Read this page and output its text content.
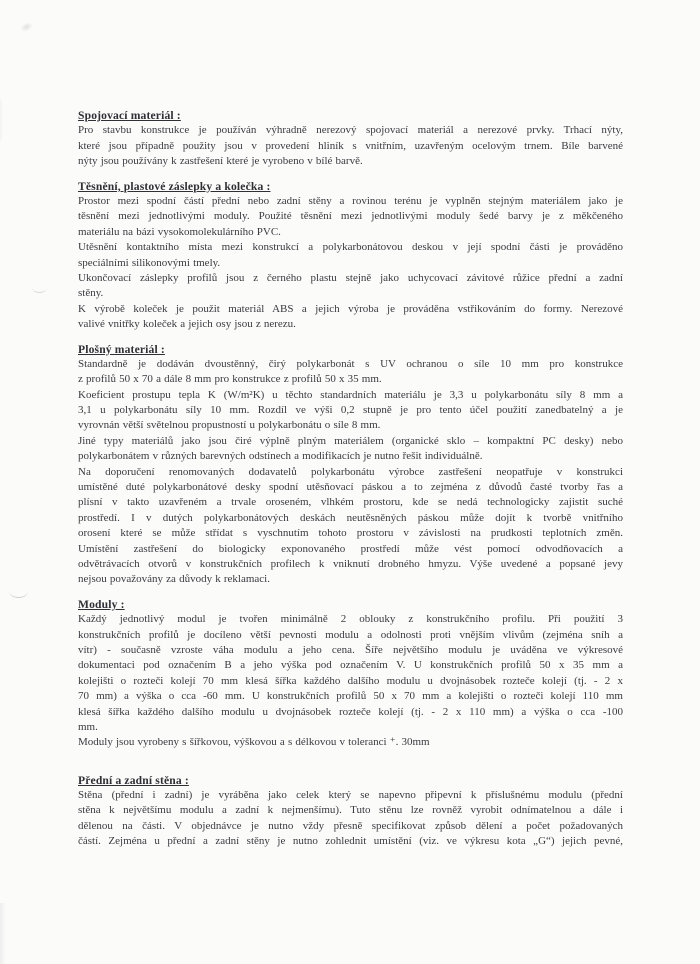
Spojovací materiál :
Pro stavbu konstrukce je používán výhradně nerezový spojovací materiál a nerezové prvky. Trhací nýty,
které jsou případně použity jsou v provedení hliník s vnitřním, uzavřeným ocelovým trnem. Bíle barvené
nýty jsou používány k zastřešení které je vyrobeno v bílé barvě.
Těsnění, plastové záslepky a kolečka :
Prostor mezi spodní částí přední nebo zadní stěny a rovinou terénu je vyplněn stejným materiálem jako je
těsnění mezi jednotlivými moduly. Použité těsnění mezi jednotlivými moduly šedé barvy je z měkčeného
materiálu na bázi vysokomolekulárního PVC.
Utěsnění kontaktního místa mezi konstrukcí a polykarbonátovou deskou v její spodní části je prováděno
speciálními silikonovými tmely.
Ukončovací záslepky profilů jsou z černého plastu stejně jako uchycovací závitové růžice přední a zadní
stěny.
K výrobě koleček je použit materiál ABS a jejich výroba je prováděna vstřikováním do formy. Nerezové
valivé vnitřky koleček a jejich osy jsou z nerezu.
Plošný materiál :
Standardně je dodáván dvoustěnný, čirý polykarbonát s UV ochranou o síle 10 mm pro konstrukce
z profilů 50 x 70 a dále 8 mm pro konstrukce z profilů 50 x 35 mm.
Koeficient prostupu tepla K (W/m²K) u těchto standardních materiálu je 3,3 u polykarbonátu síly 8 mm a
3,1 u polykarbonátu síly 10 mm. Rozdíl ve výši 0,2 stupně je pro tento účel použití zanedbatelný a je
vyrovnán větší světelnou propustností u polykarbonátu o síle 8 mm.
Jiné typy materiálů jako jsou čiré výplně plným materiálem (organické sklo – kompaktní PC desky) nebo
polykarbonátem v různých barevných odstínech a modifikacích je nutno řešit individuálně.
Na doporučení renomovaných dodavatelů polykarbonátu výrobce zastřešení neopatřuje v konstrukci
umístěné duté polykarbonátové desky spodní utěsňovací páskou a to zejména z důvodů časté tvorby řas a
plísní v takto uzavřeném a trvale oroseném, vlhkém prostoru, kde se nedá technologicky zajistit suché
prostředí. I v dutých polykarbonátových deskách neutěsněných páskou může dojít k tvorbě vnitřního
orosení které se může střídat s vyschnutím tohoto prostoru v závislosti na prudkosti teplotních změn.
Umístění zastřešení do biologicky exponovaného prostředí může vést pomocí odvodňovacích a
odvětrávacích otvorů v konstrukčních profilech k vniknutí drobného hmyzu. Výše uvedené a popsané jevy
nejsou považovány za důvody k reklamaci.
Moduly :
Každý jednotlivý modul je tvořen minimálně 2 oblouky z konstrukčního profilu. Při použití 3
konstrukčních profilů je docíleno větší pevnosti modulu a odolnosti proti vnějším vlivům (zejména sníh a
vítr) - současně vzroste váha modulu a jeho cena. Šíře největšího modulu je uváděna ve výkresové
dokumentaci pod označením B a jeho výška pod označením V. U konstrukčních profilů 50 x 35 mm a
kolejišti o rozteči kolejí 70 mm klesá šířka každého dalšího modulu u dvojnásobek rozteče kolejí (tj. - 2 x
70 mm) a výška o cca -60 mm. U konstrukčních profilů 50 x 70 mm a kolejišti o rozteči kolejí 110 mm
klesá šířka každého dalšího modulu u dvojnásobek rozteče kolejí (tj. - 2 x 110 mm) a výška o cca -100
mm.
Moduly jsou vyrobeny s šířkovou, výškovou a s délkovou v toleranci ⁺. 30mm
Přední a zadní stěna :
Stěna (přední i zadní) je vyráběna jako celek který se napevno připevní k příslušnému modulu (přední
stěna k největšímu modulu a zadní k nejmenšímu). Tuto stěnu lze rovněž vyrobit odnímatelnou a dále i
dělenou na části. V objednávce je nutno vždy přesně specifikovat způsob dělení a počet požadovaných
částí. Zejména u přední a zadní stěny je nutno zohlednit umístění (viz. ve výkresu kota „G“) jejich pevné,
